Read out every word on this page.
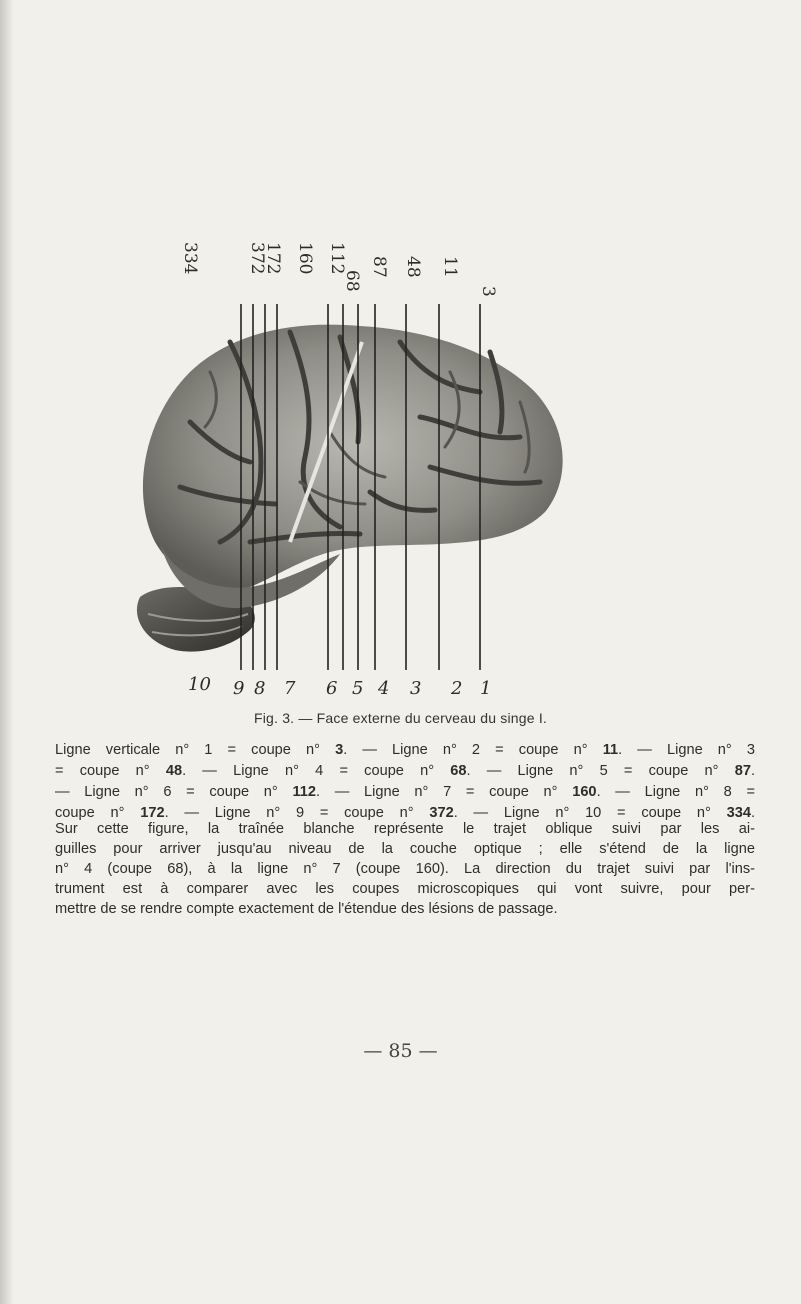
334	372
172 160 112
68
87 48 11
3
10 9 8 7 6 5 4 3 2 1
Fig. 3. — Face externe du cerveau du singe I.
Ligne verticale n° 1 = coupe n° 3. — Ligne n° 2 = coupe n° 11. — Ligne n° 3
= coupe n° 48. — Ligne n° 4 = coupe n° 68. — Ligne n° 5 = coupe n° 87.
— Ligne n° 6 = coupe n° 112. — Ligne n° 7 = coupe n° 160. — Ligne n° 8 =
coupe n° 172. — Ligne n° 9 = coupe n° 372. — Ligne n° 10 = coupe n° 334.
Sur cette figure, la traînée blanche représente le trajet oblique suivi par les ai-
guilles pour arriver jusqu'au niveau de la couche optique ; elle s'étend de la ligne
n° 4 (coupe 68), à la ligne n° 7 (coupe 160). La direction du trajet suivi par l'ins-
trument est à comparer avec les coupes microscopiques qui vont suivre, pour per-
mettre de se rendre compte exactement de l'étendue des lésions de passage.
— 85 —
